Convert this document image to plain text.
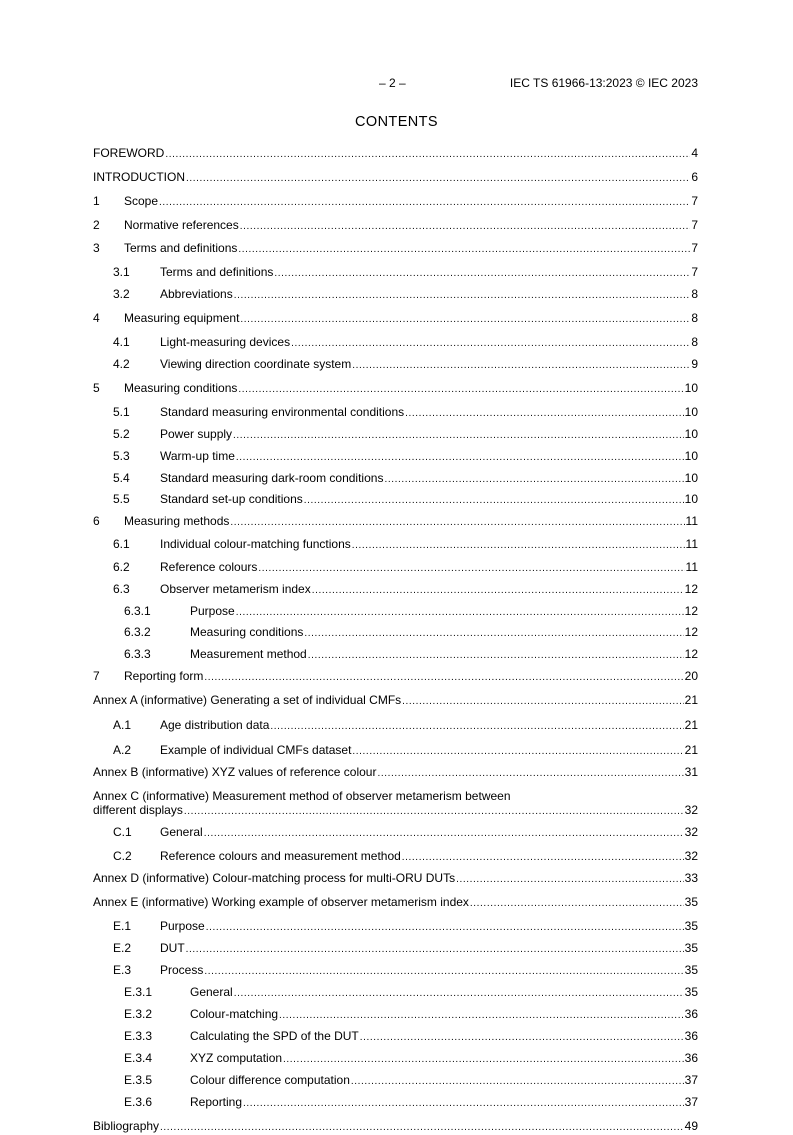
– 2 –	IEC TS 61966-13:2023 © IEC 2023
CONTENTS
FOREWORD .....	4
INTRODUCTION .....	6
1	Scope .....	7
2	Normative references .....	7
3	Terms and definitions .....	7
3.1	Terms and definitions .....	7
3.2	Abbreviations .....	8
4	Measuring equipment .....	8
4.1	Light-measuring devices .....	8
4.2	Viewing direction coordinate system .....	9
5	Measuring conditions .....	10
5.1	Standard measuring environmental conditions .....	10
5.2	Power supply .....	10
5.3	Warm-up time .....	10
5.4	Standard measuring dark-room conditions .....	10
5.5	Standard set-up conditions .....	10
6	Measuring methods .....	11
6.1	Individual colour-matching functions .....	11
6.2	Reference colours .....	11
6.3	Observer metamerism index .....	12
6.3.1	Purpose .....	12
6.3.2	Measuring conditions .....	12
6.3.3	Measurement method .....	12
7	Reporting form .....	20
Annex A (informative) Generating a set of individual CMFs .....	21
A.1	Age distribution data .....	21
A.2	Example of individual CMFs dataset .....	21
Annex B (informative) XYZ values of reference colour .....	31
Annex C (informative) Measurement method of observer metamerism between
different displays .....	32
C.1	General .....	32
C.2	Reference colours and measurement method .....	32
Annex D (informative) Colour-matching process for multi-ORU DUTs .....	33
Annex E (informative) Working example of observer metamerism index .....	35
E.1	Purpose .....	35
E.2	DUT .....	35
E.3	Process .....	35
E.3.1	General .....	35
E.3.2	Colour-matching .....	36
E.3.3	Calculating the SPD of the DUT .....	36
E.3.4	XYZ computation .....	36
E.3.5	Colour difference computation .....	37
E.3.6	Reporting .....	37
Bibliography .....	49
